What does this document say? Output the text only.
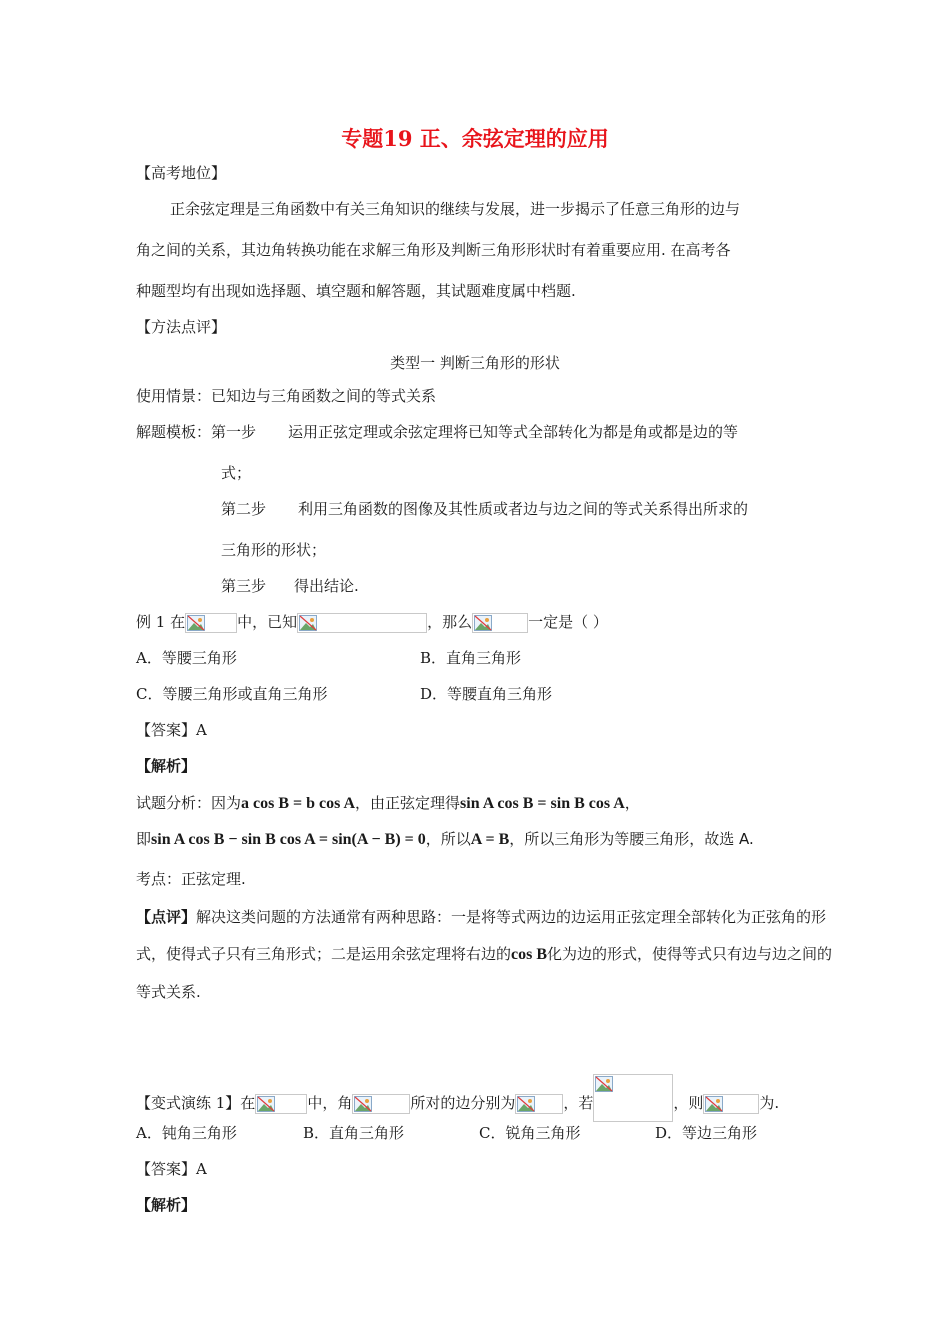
专题19 正、余弦定理的应用
【高考地位】
正余弦定理是三角函数中有关三角知识的继续与发展，进一步揭示了任意三角形的边与
角之间的关系，其边角转换功能在求解三角形及判断三角形形状时有着重要应用. 在高考各
种题型均有出现如选择题、填空题和解答题，其试题难度属中档题.
【方法点评】
类型一 判断三角形的形状
使用情景：已知边与三角函数之间的等式关系
解题模板：第一步 运用正弦定理或余弦定理将已知等式全部转化为都是角或都是边的等
式；
第二步 利用三角函数的图像及其性质或者边与边之间的等式关系得出所求的
三角形的形状；
第三步 得出结论.
例 1 在	中，已知	，那么	一定是（ ）
A．等腰三角形	B．直角三角形
C．等腰三角形或直角三角形	D．等腰直角三角形
【答案】A
【解析】
试题分析：因为a cos B = b cos A，由正弦定理得sin A cos B = sin B cos A，
即sin A cos B − sin B cos A = sin(A − B) = 0，所以A = B，所以三角形为等腰三角形，故选 A.
考点：正弦定理.
【点评】解决这类问题的方法通常有两种思路：一是将等式两边的边运用正弦定理全部转化为正弦角的形
式，使得式子只有三角形式；二是运用余弦定理将右边的cos B化为边的形式，使得等式只有边与边之间的
等式关系.
【变式演练 1】在	中，角	所对的边分别为	，若	，则	为.
A．钝角三角形	B．直角三角形	C．锐角三角形	D．等边三角形
【答案】A
【解析】
